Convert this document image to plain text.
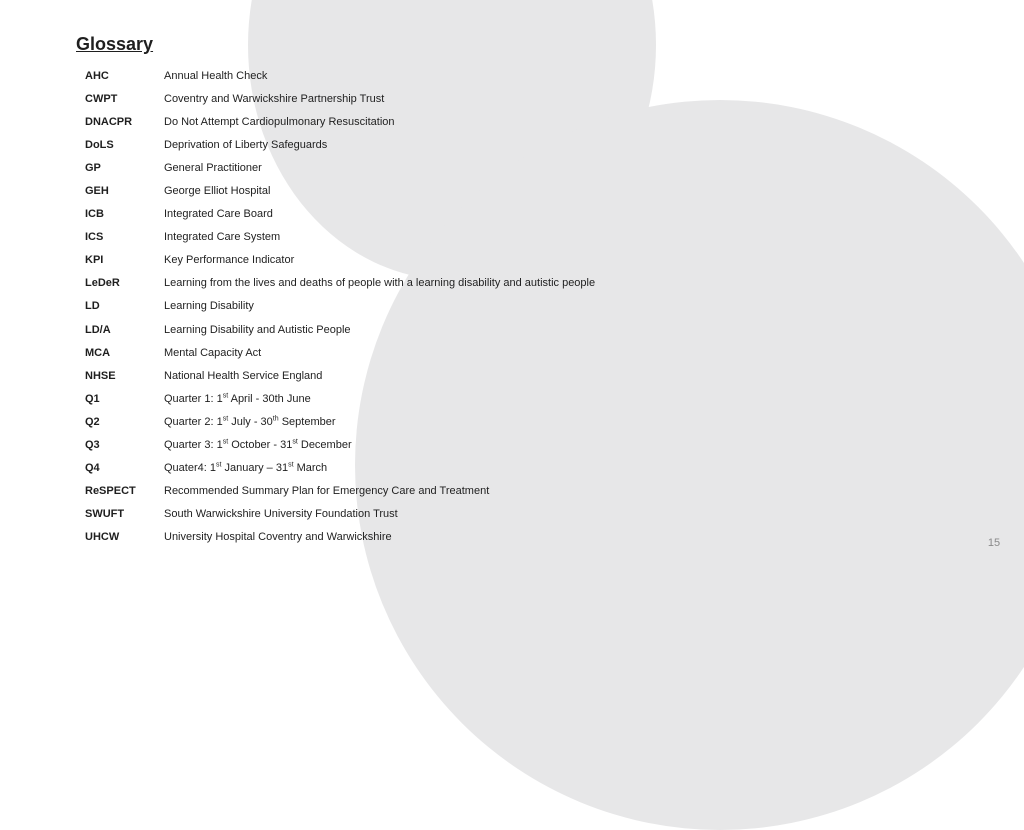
Glossary
AHC	Annual Health Check
CWPT	Coventry and Warwickshire Partnership Trust
DNACPR	Do Not Attempt Cardiopulmonary Resuscitation
DoLS	Deprivation of Liberty Safeguards
GP	General Practitioner
GEH	George Elliot Hospital
ICB	Integrated Care Board
ICS	Integrated Care System
KPI	Key Performance Indicator
LeDeR	Learning from the lives and deaths of people with a learning disability and autistic people
LD	Learning Disability
LD/A	Learning Disability and Autistic People
MCA	Mental Capacity Act
NHSE	National Health Service England
Q1	Quarter 1: 1st April - 30th June
Q2	Quarter 2: 1st July - 30th September
Q3	Quarter 3: 1st October - 31st December
Q4	Quater4: 1st January – 31st March
ReSPECT	Recommended Summary Plan for Emergency Care and Treatment
SWUFT	South Warwickshire University Foundation Trust
UHCW	University Hospital Coventry and Warwickshire	15
